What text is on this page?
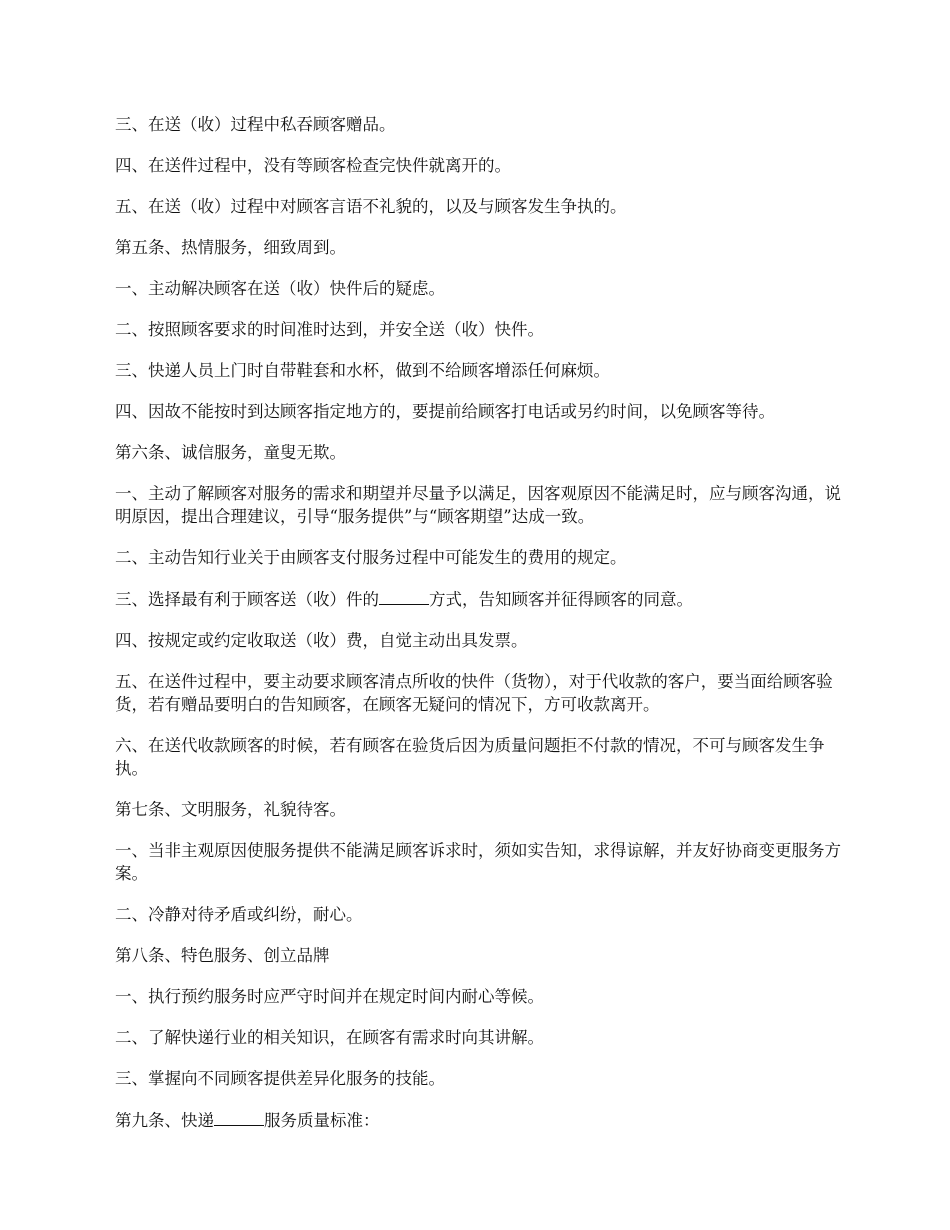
三、在送（收）过程中私吞顾客赠品。

四、在送件过程中，没有等顾客检查完快件就离开的。

五、在送（收）过程中对顾客言语不礼貌的，以及与顾客发生争执的。

第五条、热情服务，细致周到。

一、主动解决顾客在送（收）快件后的疑虑。

二、按照顾客要求的时间准时达到，并安全送（收）快件。

三、快递人员上门时自带鞋套和水杯，做到不给顾客增添任何麻烦。

四、因故不能按时到达顾客指定地方的，要提前给顾客打电话或另约时间，以免顾客等待。

第六条、诚信服务，童叟无欺。

一、主动了解顾客对服务的需求和期望并尽量予以满足，因客观原因不能满足时，应与顾客沟通，说明原因，提出合理建议，引导“服务提供”与“顾客期望”达成一致。

二、主动告知行业关于由顾客支付服务过程中可能发生的费用的规定。

三、选择最有利于顾客送（收）件的	方式，告知顾客并征得顾客的同意。

四、按规定或约定收取送（收）费，自觉主动出具发票。

五、在送件过程中，要主动要求顾客清点所收的快件（货物），对于代收款的客户，要当面给顾客验货，若有赠品要明白的告知顾客，在顾客无疑问的情况下，方可收款离开。

六、在送代收款顾客的时候，若有顾客在验货后因为质量问题拒不付款的情况，不可与顾客发生争执。

第七条、文明服务，礼貌待客。

一、当非主观原因使服务提供不能满足顾客诉求时，须如实告知，求得谅解，并友好协商变更服务方案。

二、冷静对待矛盾或纠纷，耐心。

第八条、特色服务、创立品牌

一、执行预约服务时应严守时间并在规定时间内耐心等候。

二、了解快递行业的相关知识，在顾客有需求时向其讲解。

三、掌握向不同顾客提供差异化服务的技能。

第九条、快递	服务质量标准：
